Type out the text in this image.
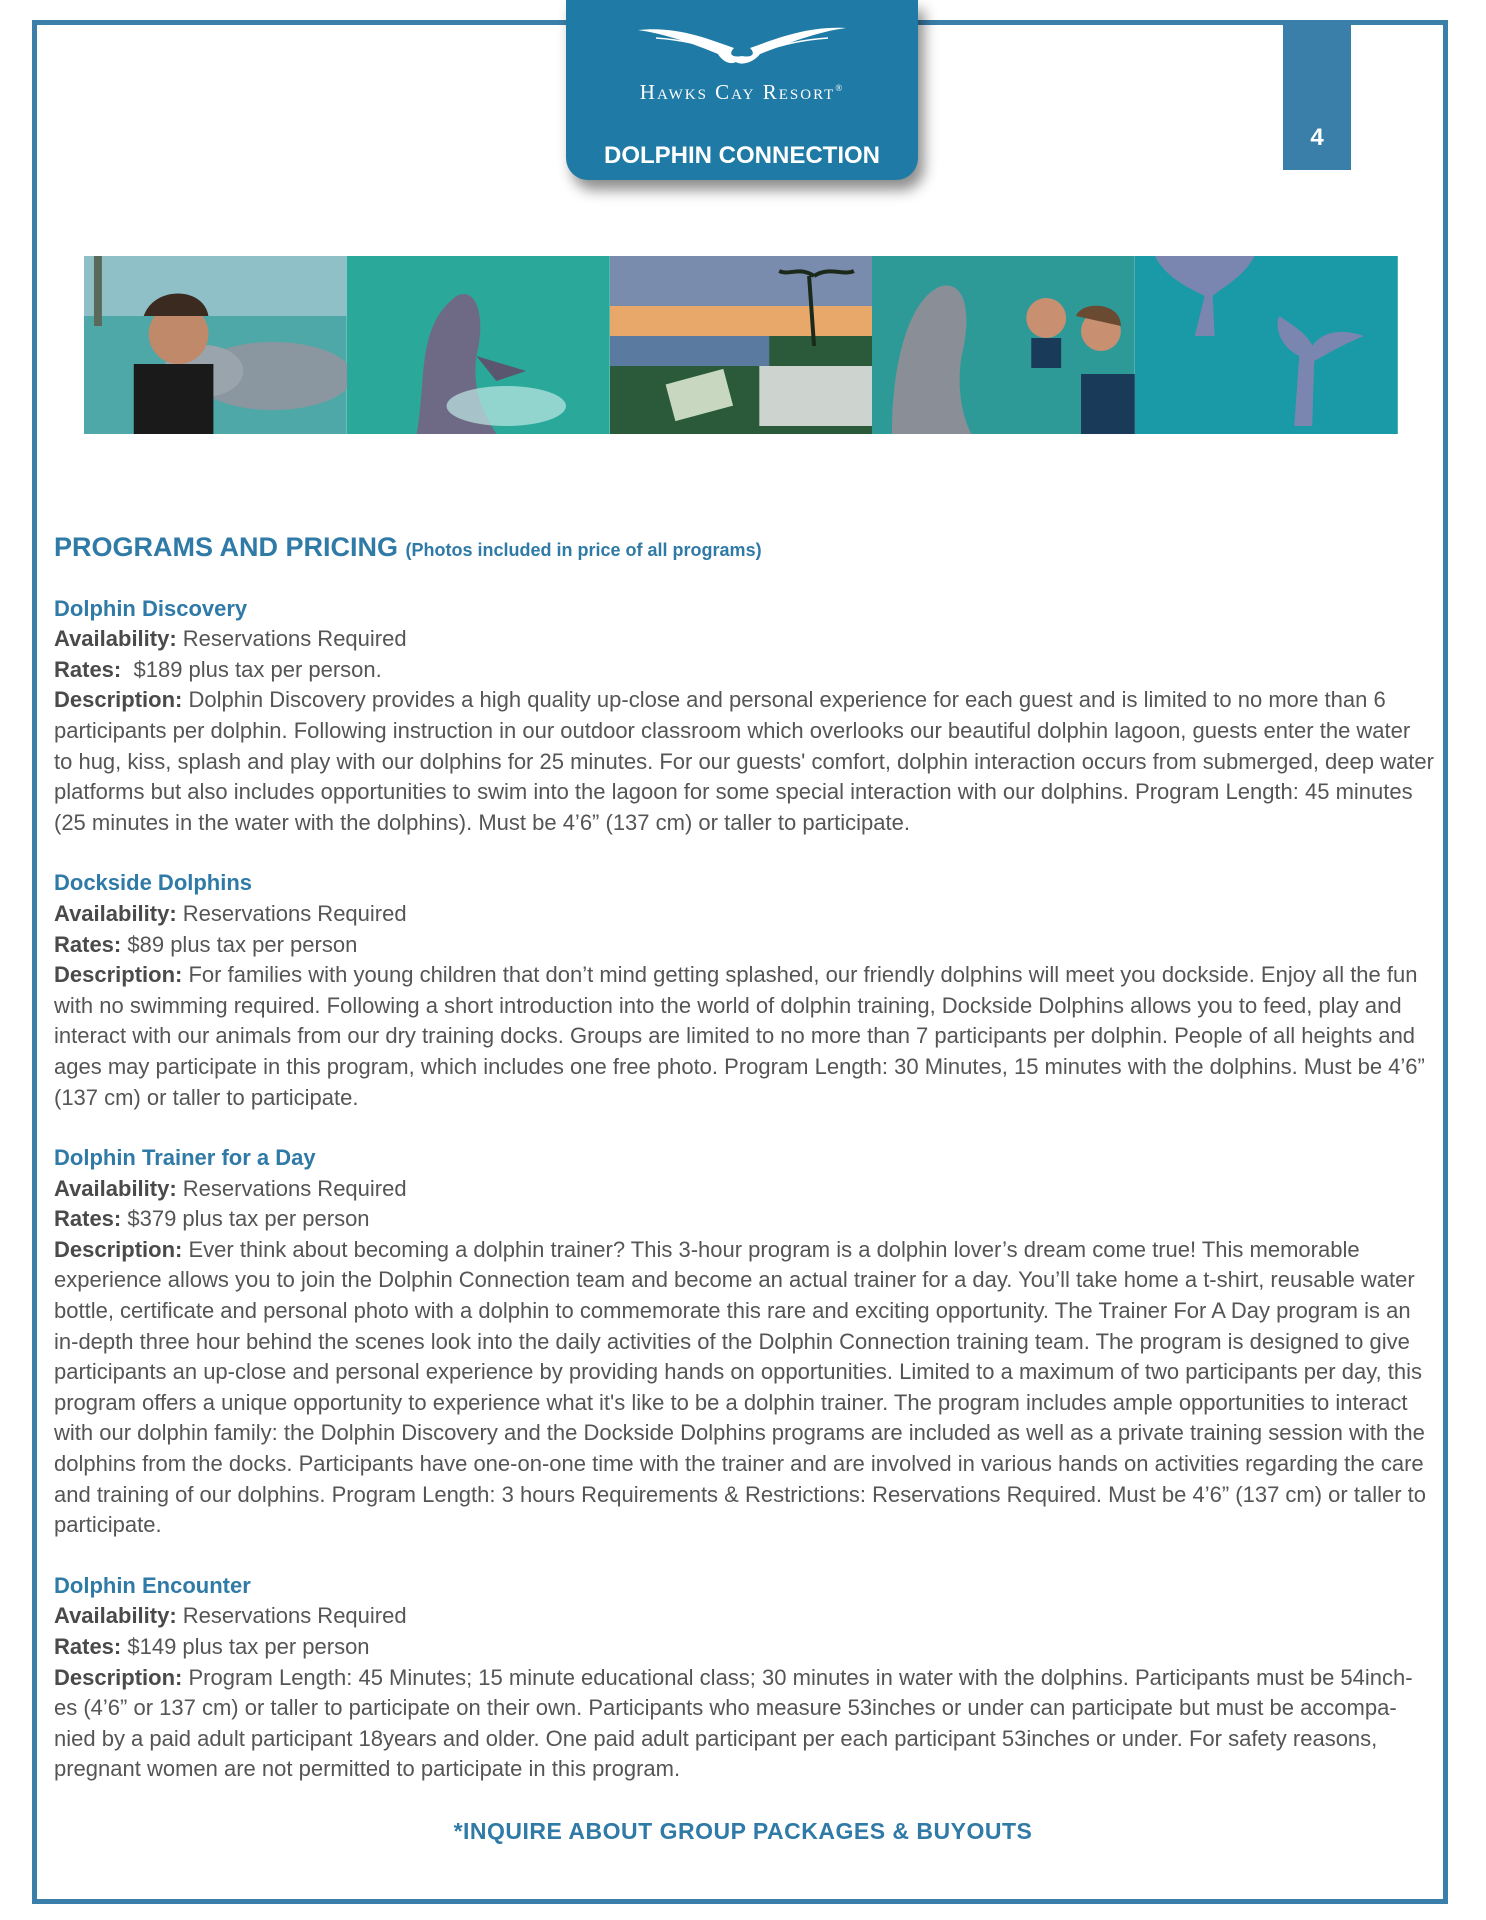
Hawks Cay Resort®
DOLPHIN CONNECTION
4
PROGRAMS AND PRICING (Photos included in price of all programs)
Dolphin Discovery
Availability: Reservations Required
Rates: $189 plus tax per person.
Description: Dolphin Discovery provides a high quality up-close and personal experience for each guest and is limited to no more than 6 participants per dolphin. Following instruction in our outdoor classroom which overlooks our beautiful dolphin lagoon, guests enter the water to hug, kiss, splash and play with our dolphins for 25 minutes. For our guests' comfort, dolphin interaction occurs from submerged, deep water platforms but also includes opportunities to swim into the lagoon for some special interaction with our dolphins. Program Length: 45 minutes (25 minutes in the water with the dolphins). Must be 4’6” (137 cm) or taller to participate.
Dockside Dolphins
Availability: Reservations Required
Rates: $89 plus tax per person
Description: For families with young children that don’t mind getting splashed, our friendly dolphins will meet you dockside. Enjoy all the fun with no swimming required. Following a short introduction into the world of dolphin training, Dockside Dolphins allows you to feed, play and interact with our animals from our dry training docks. Groups are limited to no more than 7 participants per dolphin. People of all heights and ages may participate in this program, which includes one free photo. Program Length: 30 Minutes, 15 minutes with the dolphins. Must be 4’6” (137 cm) or taller to participate.
Dolphin Trainer for a Day
Availability: Reservations Required
Rates: $379 plus tax per person
Description: Ever think about becoming a dolphin trainer? This 3-hour program is a dolphin lover’s dream come true! This memorable experience allows you to join the Dolphin Connection team and become an actual trainer for a day. You’ll take home a t-shirt, reusable water bottle, certificate and personal photo with a dolphin to commemorate this rare and exciting opportunity. The Trainer For A Day program is an in-depth three hour behind the scenes look into the daily activities of the Dolphin Connection training team. The program is designed to give participants an up-close and personal experience by providing hands on opportunities. Limited to a maximum of two participants per day, this program offers a unique opportunity to experience what it's like to be a dolphin trainer. The program includes ample opportunities to interact with our dolphin family: the Dolphin Discovery and the Dockside Dolphins programs are included as well as a private training session with the dolphins from the docks. Participants have one-on-one time with the trainer and are involved in various hands on activities regarding the care and training of our dolphins. Program Length: 3 hours Requirements & Restrictions: Reservations Required. Must be 4’6” (137 cm) or taller to participate.
Dolphin Encounter
Availability: Reservations Required
Rates: $149 plus tax per person
Description: Program Length: 45 Minutes; 15 minute educational class; 30 minutes in water with the dolphins. Participants must be 54inch-es (4’6” or 137 cm) or taller to participate on their own. Participants who measure 53inches or under can participate but must be accompa-nied by a paid adult participant 18years and older. One paid adult participant per each participant 53inches or under. For safety reasons, pregnant women are not permitted to participate in this program.
*INQUIRE ABOUT GROUP PACKAGES & BUYOUTS
